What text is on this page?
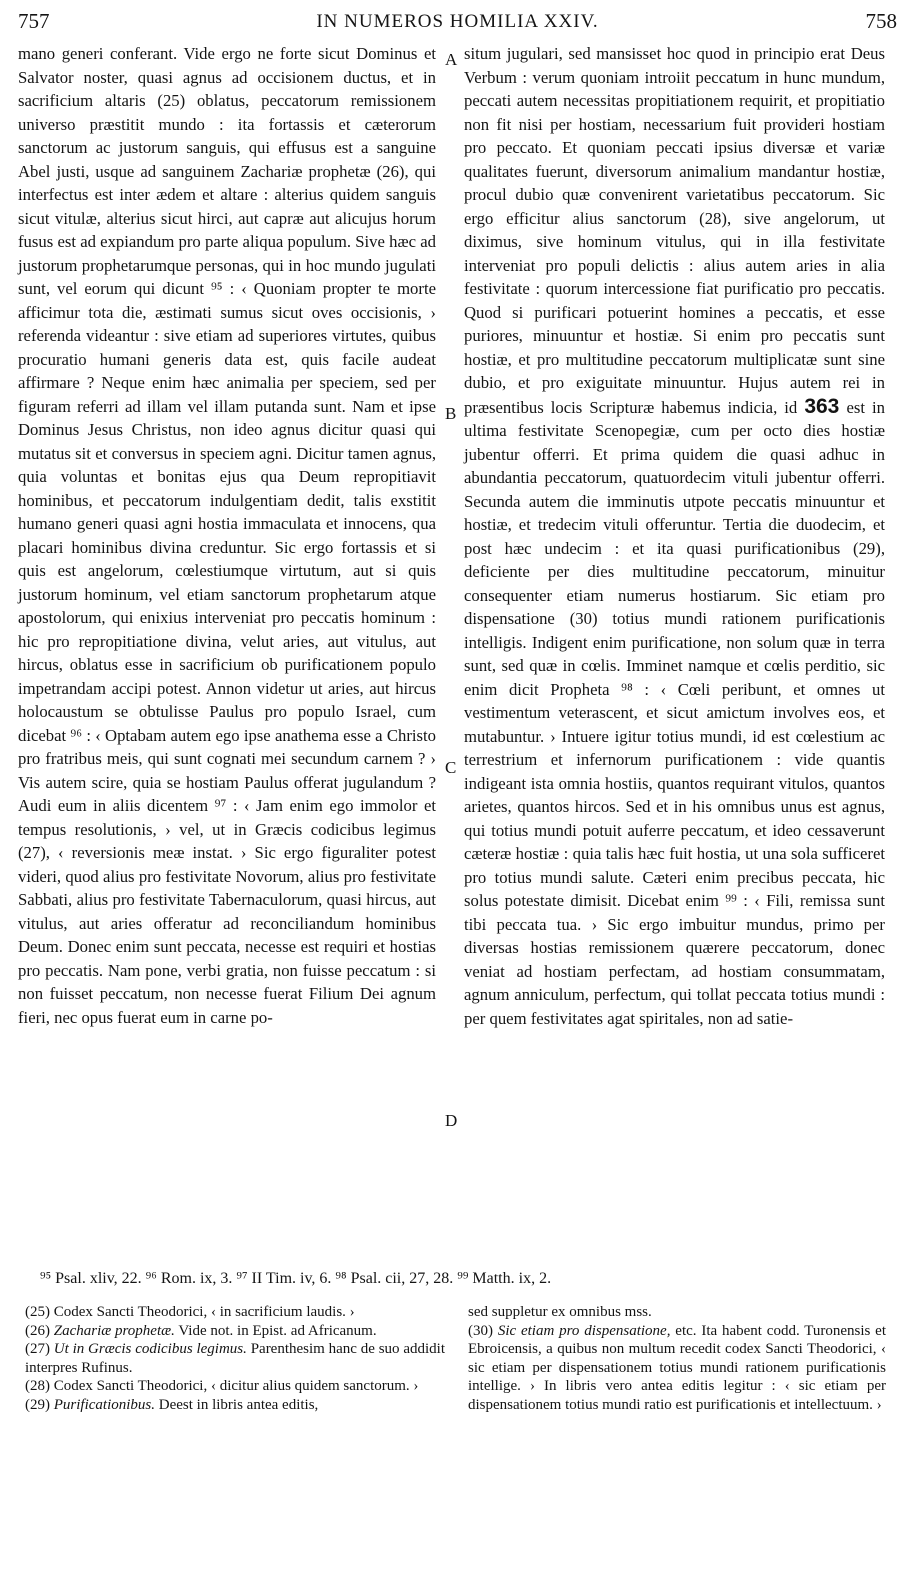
757	IN NUMEROS HOMILIA XXIV.	758
A
B
C
D

mano generi conferant. Vide ergo ne forte sicut Dominus et Salvator noster, quasi agnus ad occisionem ductus, et in sacrificium altaris (25) oblatus, peccatorum remissionem universo præstitit mundo : ita fortassis et cæterorum sanctorum ac justorum sanguis, qui effusus est a sanguine Abel justi, usque ad sanguinem Zachariæ prophetæ (26), qui interfectus est inter ædem et altare : alterius quidem sanguis sicut vitulæ, alterius sicut hirci, aut capræ aut alicujus horum fusus est ad expiandum pro parte aliqua populum. Sive hæc ad justorum prophetarumque personas, qui in hoc mundo jugulati sunt, vel eorum qui dicunt ⁹⁵ : ‹ Quoniam propter te morte afficimur tota die, æstimati sumus sicut oves occisionis, › referenda videantur : sive etiam ad superiores virtutes, quibus procuratio humani generis data est, quis facile audeat affirmare ? Neque enim hæc animalia per speciem, sed per figuram referri ad illam vel illam putanda sunt. Nam et ipse Dominus Jesus Christus, non ideo agnus dicitur quasi qui mutatus sit et conversus in speciem agni. Dicitur tamen agnus, quia voluntas et bonitas ejus qua Deum repropitiavit hominibus, et peccatorum indulgentiam dedit, talis exstitit humano generi quasi agni hostia immaculata et innocens, qua placari hominibus divina creduntur. Sic ergo fortassis et si quis est angelorum, cœlestiumque virtutum, aut si quis justorum hominum, vel etiam sanctorum prophetarum atque apostolorum, qui enixius interveniat pro peccatis hominum : hic pro repropitiatione divina, velut aries, aut vitulus, aut hircus, oblatus esse in sacrificium ob purificationem populo impetrandam accipi potest. Annon videtur ut aries, aut hircus holocaustum se obtulisse Paulus pro populo Israel, cum dicebat ⁹⁶ : ‹ Optabam autem ego ipse anathema esse a Christo pro fratribus meis, qui sunt cognati mei secundum carnem ? › Vis autem scire, quia se hostiam Paulus offerat jugulandum ? Audi eum in aliis dicentem ⁹⁷ : ‹ Jam enim ego immolor et tempus resolutionis, › vel, ut in Græcis codicibus legimus (27), ‹ reversionis meæ instat. › Sic ergo figuraliter potest videri, quod alius pro festivitate Novorum, alius pro festivitate Sabbati, alius pro festivitate Tabernaculorum, quasi hircus, aut vitulus, aut aries offeratur ad reconciliandum hominibus Deum. Donec enim sunt peccata, necesse est requiri et hostias pro peccatis. Nam pone, verbi gratia, non fuisse peccatum : si non fuisset peccatum, non necesse fuerat Filium Dei agnum fieri, nec opus fuerat eum in carne po-

situm jugulari, sed mansisset hoc quod in principio erat Deus Verbum : verum quoniam introiit peccatum in hunc mundum, peccati autem necessitas propitiationem requirit, et propitiatio non fit nisi per hostiam, necessarium fuit provideri hostiam pro peccato. Et quoniam peccati ipsius diversæ et variæ qualitates fuerunt, diversorum animalium mandantur hostiæ, procul dubio quæ convenirent varietatibus peccatorum. Sic ergo efficitur alius sanctorum (28), sive angelorum, ut diximus, sive hominum vitulus, qui in illa festivitate interveniat pro populi delictis : alius autem aries in alia festivitate : quorum intercessione fiat purificatio pro peccatis. Quod si purificari potuerint homines a peccatis, et esse puriores, minuuntur et hostiæ. Si enim pro peccatis sunt hostiæ, et pro multitudine peccatorum multiplicatæ sunt sine dubio, et pro exiguitate minuuntur. Hujus autem rei in præsentibus locis Scripturæ habemus indicia, id 363 est in ultima festivitate Scenopegiæ, cum per octo dies hostiæ jubentur offerri. Et prima quidem die quasi adhuc in abundantia peccatorum, quatuordecim vituli jubentur offerri. Secunda autem die imminutis utpote peccatis minuuntur et hostiæ, et tredecim vituli offeruntur. Tertia die duodecim, et post hæc undecim : et ita quasi purificationibus (29), deficiente per dies multitudine peccatorum, minuitur consequenter etiam numerus hostiarum. Sic etiam pro dispensatione (30) totius mundi rationem purificationis intelligis. Indigent enim purificatione, non solum quæ in terra sunt, sed quæ in cœlis. Imminet namque et cœlis perditio, sic enim dicit Propheta ⁹⁸ : ‹ Cœli peribunt, et omnes ut vestimentum veterascent, et sicut amictum involves eos, et mutabuntur. › Intuere igitur totius mundi, id est cœlestium ac terrestrium et infernorum purificationem : vide quantis indigeant ista omnia hostiis, quantos requirant vitulos, quantos arietes, quantos hircos. Sed et in his omnibus unus est agnus, qui totius mundi potuit auferre peccatum, et ideo cessaverunt cæteræ hostiæ : quia talis hæc fuit hostia, ut una sola sufficeret pro totius mundi salute. Cæteri enim precibus peccata, hic solus potestate dimisit. Dicebat enim ⁹⁹ : ‹ Fili, remissa sunt tibi peccata tua. › Sic ergo imbuitur mundus, primo per diversas hostias remissionem quærere peccatorum, donec veniat ad hostiam perfectam, ad hostiam consummatam, agnum anniculum, perfectum, qui tollat peccata totius mundi : per quem festivitates agat spiritales, non ad satie-

⁹⁵ Psal. xliv, 22. ⁹⁶ Rom. ix, 3. ⁹⁷ II Tim. iv, 6. ⁹⁸ Psal. cii, 27, 28. ⁹⁹ Matth. ix, 2.

(25) Codex Sancti Theodorici, ‹ in sacrificium laudis. ›

(26) Zachariæ prophetæ. Vide not. in Epist. ad Africanum.

(27) Ut in Græcis codicibus legimus. Parenthesim hanc de suo addidit interpres Rufinus.

(28) Codex Sancti Theodorici, ‹ dicitur alius quidem sanctorum. ›

(29) Purificationibus. Deest in libris antea editis,

sed suppletur ex omnibus mss.

(30) Sic etiam pro dispensatione, etc. Ita habent codd. Turonensis et Ebroicensis, a quibus non multum recedit codex Sancti Theodorici, ‹ sic etiam per dispensationem totius mundi rationem purificationis intellige. › In libris vero antea editis legitur : ‹ sic etiam per dispensationem totius mundi ratio est purificationis et intellectuum. ›
